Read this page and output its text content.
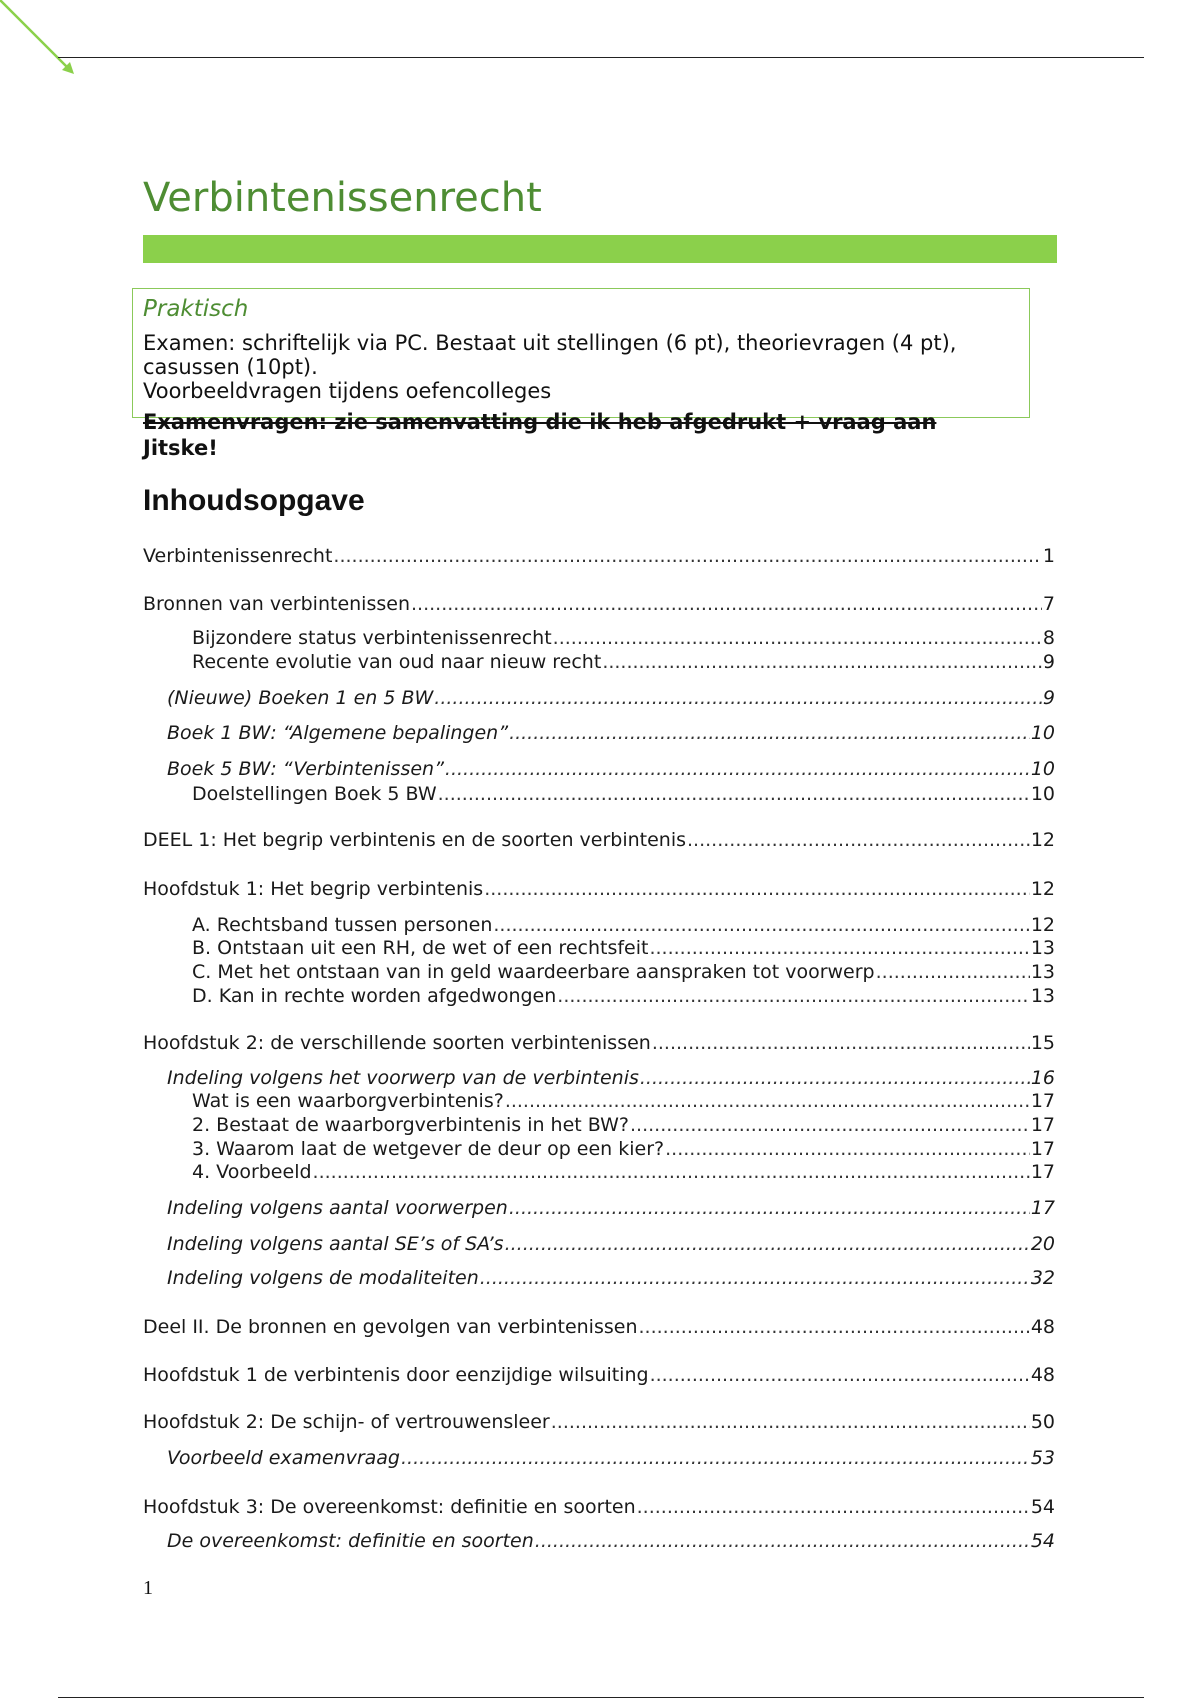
Verbintenissenrecht

Praktisch

Examen: schriftelijk via PC. Bestaat uit stellingen (6 pt), theorievragen (4 pt),
casussen (10pt).
Voorbeeldvragen tijdens oefencolleges

Examenvragen: zie samenvatting die ik heb afgedrukt + vraag aan
Jitske!

Inhoudsopgave
Verbintenissenrecht .....	1
Bronnen van verbintenissen .....	7
Bijzondere status verbintenissenrecht .....	8
Recente evolutie van oud naar nieuw recht .....	9
(Nieuwe) Boeken 1 en 5 BW .....	9
Boek 1 BW: “Algemene bepalingen” .....	10
Boek 5 BW: “Verbintenissen” .....	10
Doelstellingen Boek 5 BW .....	10
DEEL 1: Het begrip verbintenis en de soorten verbintenis .....	12
Hoofdstuk 1: Het begrip verbintenis .....	12
A. Rechtsband tussen personen .....	12
B. Ontstaan uit een RH, de wet of een rechtsfeit .....	13
C. Met het ontstaan van in geld waardeerbare aanspraken tot voorwerp .....	13
D. Kan in rechte worden afgedwongen .....	13
Hoofdstuk 2: de verschillende soorten verbintenissen .....	15
Indeling volgens het voorwerp van de verbintenis .....	16
Wat is een waarborgverbintenis? .....	17
2. Bestaat de waarborgverbintenis in het BW? .....	17
3. Waarom laat de wetgever de deur op een kier? .....	17
4. Voorbeeld .....	17
Indeling volgens aantal voorwerpen .....	17
Indeling volgens aantal SE’s of SA’s .....	20
Indeling volgens de modaliteiten .....	32
Deel II. De bronnen en gevolgen van verbintenissen .....	48
Hoofdstuk 1 de verbintenis door eenzijdige wilsuiting .....	48
Hoofdstuk 2: De schijn- of vertrouwensleer .....	50
Voorbeeld examenvraag .....	53
Hoofdstuk 3: De overeenkomst: definitie en soorten .....	54
De overeenkomst: definitie en soorten .....	54

1
